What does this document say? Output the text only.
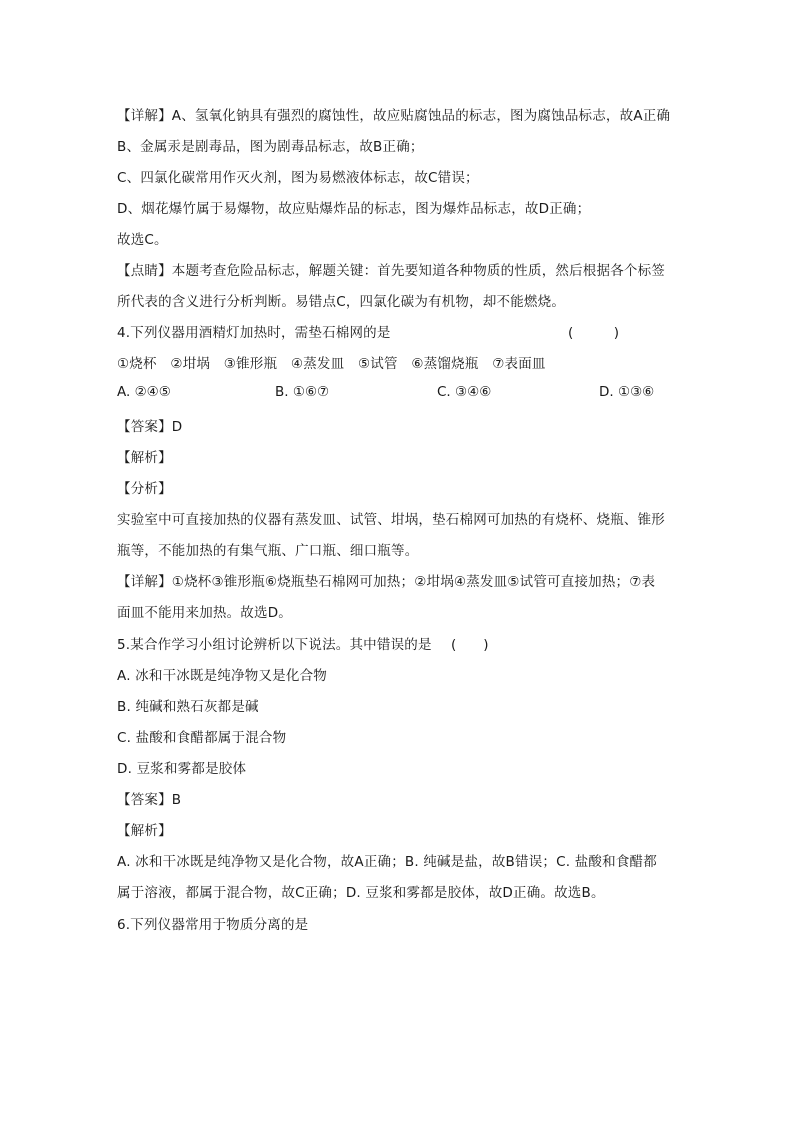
【详解】A、氢氧化钠具有强烈的腐蚀性，故应贴腐蚀品的标志，图为腐蚀品标志，故A正确
B、金属汞是剧毒品，图为剧毒品标志，故B正确；
C、四氯化碳常用作灭火剂，图为易燃液体标志，故C错误；
D、烟花爆竹属于易爆物，故应贴爆炸品的标志，图为爆炸品标志，故D正确；
故选C。
【点睛】本题考查危险品标志，解题关键：首先要知道各种物质的性质，然后根据各个标签
所代表的含义进行分析判断。易错点C，四氯化碳为有机物，却不能燃烧。
4.下列仪器用酒精灯加热时，需垫石棉网的是	(　　　)
①烧杯　②坩埚　③锥形瓶　④蒸发皿　⑤试管　⑥蒸馏烧瓶　⑦表面皿
A. ②④⑤	B. ①⑥⑦	C. ③④⑥	D. ①③⑥
【答案】D
【解析】
【分析】
实验室中可直接加热的仪器有蒸发皿、试管、坩埚，垫石棉网可加热的有烧杯、烧瓶、锥形
瓶等，不能加热的有集气瓶、广口瓶、细口瓶等。
【详解】①烧杯③锥形瓶⑥烧瓶垫石棉网可加热；②坩埚④蒸发皿⑤试管可直接加热；⑦表
面皿不能用来加热。故选D。
5.某合作学习小组讨论辨析以下说法。其中错误的是 (　　)
A. 冰和干冰既是纯净物又是化合物
B. 纯碱和熟石灰都是碱
C. 盐酸和食醋都属于混合物
D. 豆浆和雾都是胶体
【答案】B
【解析】
A. 冰和干冰既是纯净物又是化合物，故A正确；B. 纯碱是盐，故B错误；C. 盐酸和食醋都
属于溶液，都属于混合物，故C正确；D. 豆浆和雾都是胶体，故D正确。故选B。
6.下列仪器常用于物质分离的是
